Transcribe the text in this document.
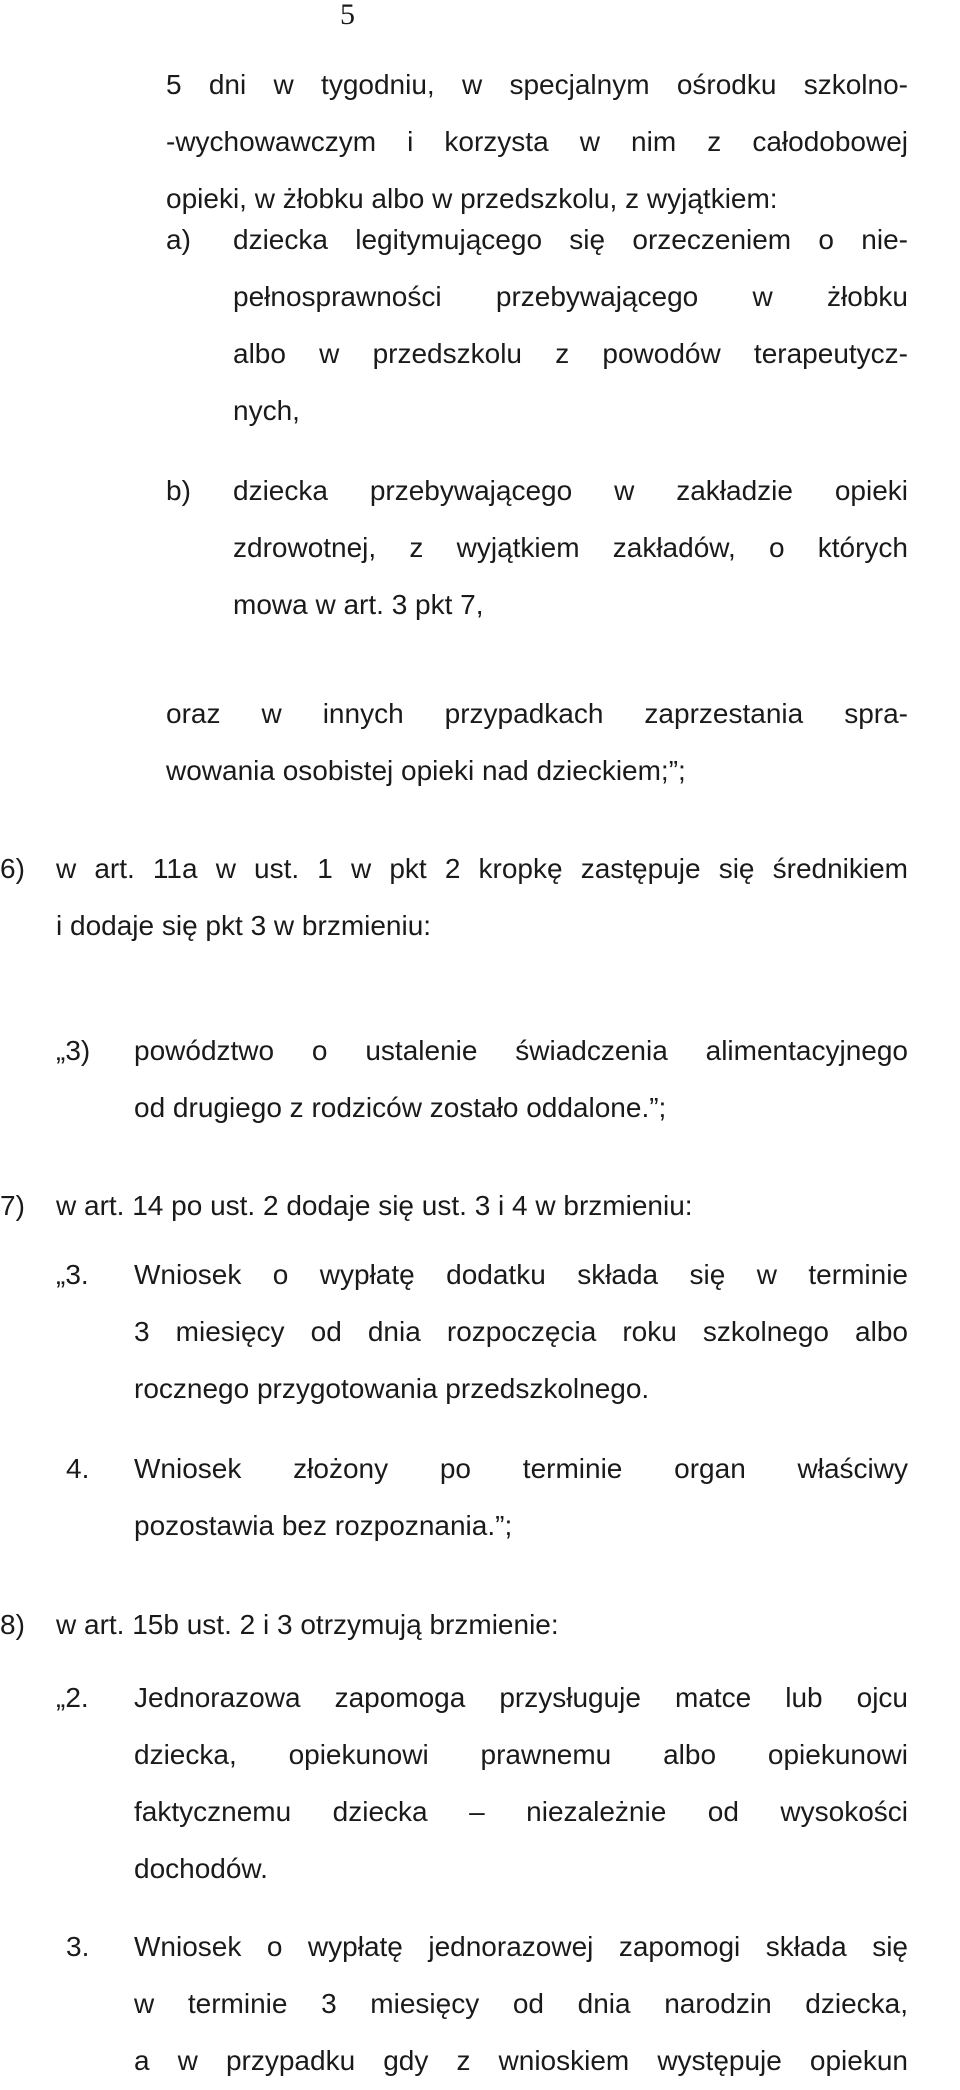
5
5 dni w tygodniu, w specjalnym ośrodku szkolno-
-wychowawczym i korzysta w nim z całodobowej
opieki, w żłobku albo w przedszkolu, z wyjątkiem:
a) dziecka legitymującego się orzeczeniem o nie-
pełnosprawności przebywającego w żłobku
albo w przedszkolu z powodów terapeutycz-
nych,
b) dziecka przebywającego w zakładzie opieki
zdrowotnej, z wyjątkiem zakładów, o których
mowa w art. 3 pkt 7,
oraz w innych przypadkach zaprzestania spra-
wowania osobistej opieki nad dzieckiem;”;
6) w art. 11a w ust. 1 w pkt 2 kropkę zastępuje się średnikiem
i dodaje się pkt 3 w brzmieniu:
„3) powództwo o ustalenie świadczenia alimentacyjnego
od drugiego z rodziców zostało oddalone.”;
7) w art. 14 po ust. 2 dodaje się ust. 3 i 4 w brzmieniu:
„3. Wniosek o wypłatę dodatku składa się w terminie
3 miesięcy od dnia rozpoczęcia roku szkolnego albo
rocznego przygotowania przedszkolnego.
4. Wniosek złożony po terminie organ właściwy
pozostawia bez rozpoznania.”;
8) w art. 15b ust. 2 i 3 otrzymują brzmienie:
„2. Jednorazowa zapomoga przysługuje matce lub ojcu
dziecka, opiekunowi prawnemu albo opiekunowi
faktycznemu dziecka – niezależnie od wysokości
dochodów.
3. Wniosek o wypłatę jednorazowej zapomogi składa się
w terminie 3 miesięcy od dnia narodzin dziecka,
a w przypadku gdy z wnioskiem występuje opiekun
